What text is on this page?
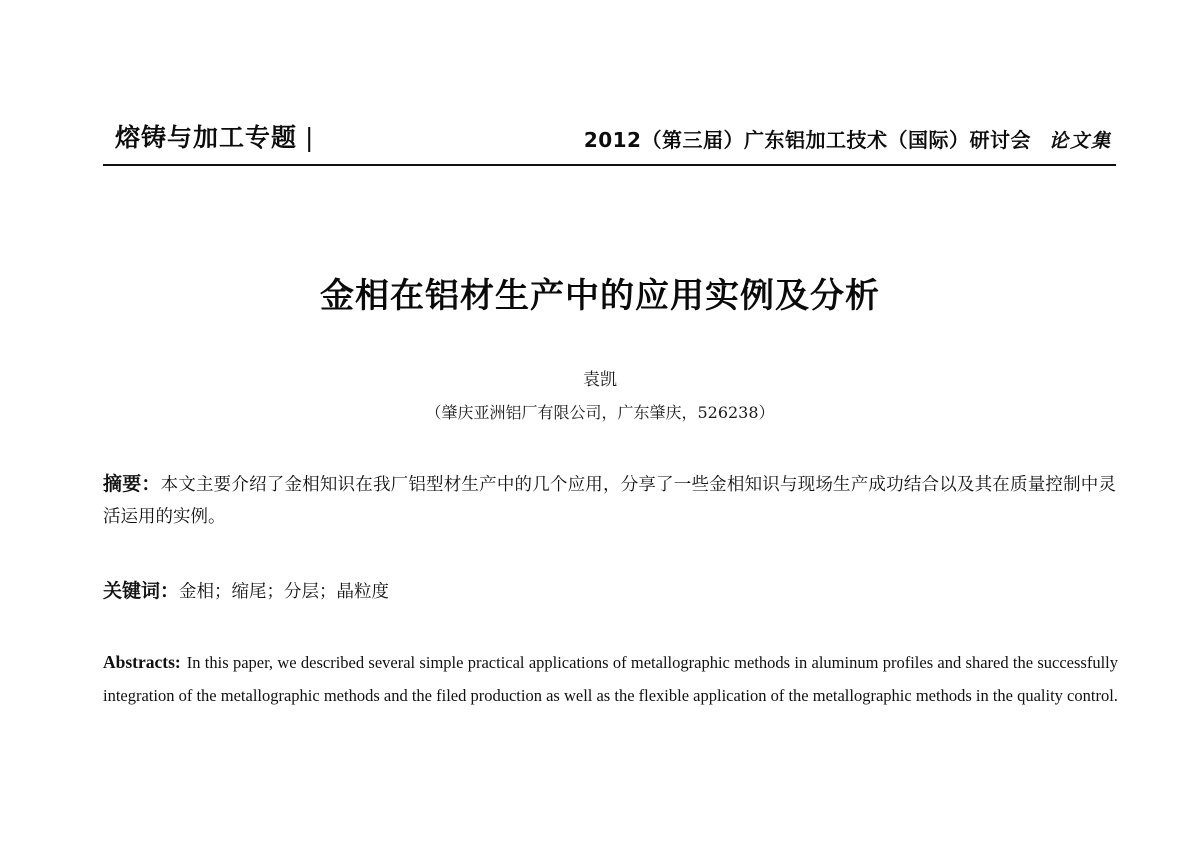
熔铸与加工专题 |	2012（第三届）广东铝加工技术（国际）研讨会 论文集
金相在铝材生产中的应用实例及分析
袁凯
（肇庆亚洲铝厂有限公司，广东肇庆，526238）
摘要：本文主要介绍了金相知识在我厂铝型材生产中的几个应用，分享了一些金相知识与现场生产成功结合以及其在质量控制中灵活运用的实例。
关键词：金相；缩尾；分层；晶粒度
Abstracts: In this paper, we described several simple practical applications of metallographic methods in aluminum profiles and shared the successfully integration of the metallographic methods and the filed production as well as the flexible application of the metallographic methods in the quality control.
